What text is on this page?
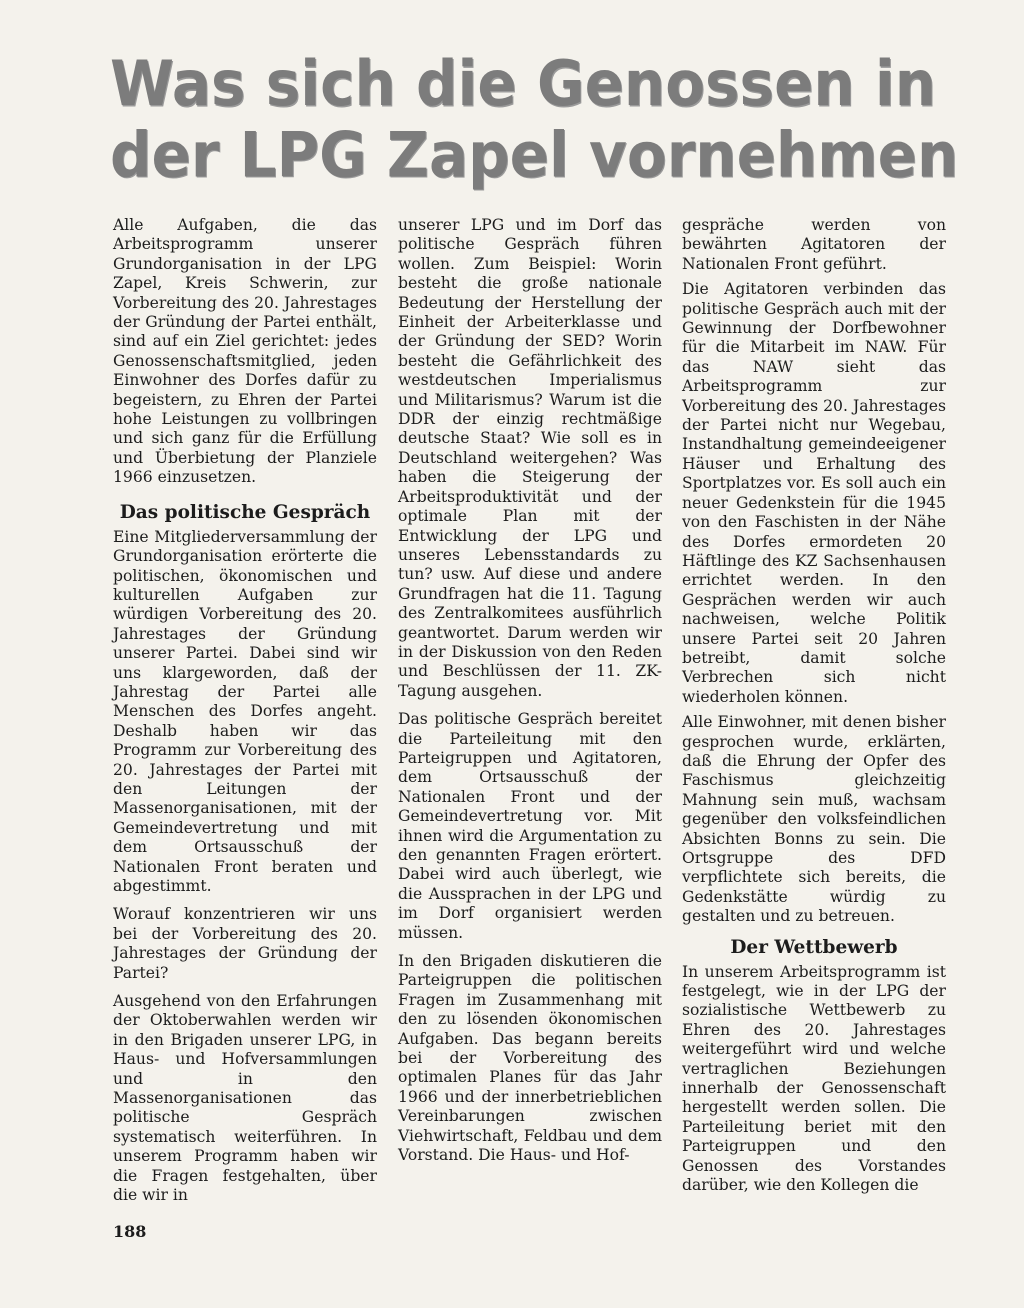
Was sich die Genossen in der LPG Zapel vornehmen

Alle Aufgaben, die das Arbeitsprogramm unserer Grundorganisation in der LPG Zapel, Kreis Schwerin, zur Vorbereitung des 20. Jahrestages der Gründung der Partei enthält, sind auf ein Ziel gerichtet: jedes Genossenschaftsmitglied, jeden Einwohner des Dorfes dafür zu begeistern, zu Ehren der Partei hohe Leistungen zu vollbringen und sich ganz für die Erfüllung und Überbietung der Planziele 1966 einzusetzen.

Das politische Gespräch

Eine Mitgliederversammlung der Grundorganisation erörterte die politischen, ökonomischen und kulturellen Aufgaben zur würdigen Vorbereitung des 20. Jahrestages der Gründung unserer Partei. Dabei sind wir uns klargeworden, daß der Jahrestag der Partei alle Menschen des Dorfes angeht. Deshalb haben wir das Programm zur Vorbereitung des 20. Jahrestages der Partei mit den Leitungen der Massenorganisationen, mit der Gemeindevertretung und mit dem Ortsausschuß der Nationalen Front beraten und abgestimmt.

Worauf konzentrieren wir uns bei der Vorbereitung des 20. Jahrestages der Gründung der Partei?

Ausgehend von den Erfahrungen der Oktoberwahlen werden wir in den Brigaden unserer LPG, in Haus- und Hofversammlungen und in den Massenorganisationen das politische Gespräch systematisch weiterführen. In unserem Programm haben wir die Fragen festgehalten, über die wir in

unserer LPG und im Dorf das politische Gespräch führen wollen. Zum Beispiel: Worin besteht die große nationale Bedeutung der Herstellung der Einheit der Arbeiterklasse und der Gründung der SED? Worin besteht die Gefährlichkeit des westdeutschen Imperialismus und Militarismus? Warum ist die DDR der einzig rechtmäßige deutsche Staat? Wie soll es in Deutschland weitergehen? Was haben die Steigerung der Arbeitsproduktivität und der optimale Plan mit der Entwicklung der LPG und unseres Lebensstandards zu tun? usw. Auf diese und andere Grundfragen hat die 11. Tagung des Zentralkomitees ausführlich geantwortet. Darum werden wir in der Diskussion von den Reden und Beschlüssen der 11. ZK-Tagung ausgehen.

Das politische Gespräch bereitet die Parteileitung mit den Parteigruppen und Agitatoren, dem Ortsausschuß der Nationalen Front und der Gemeindevertretung vor. Mit ihnen wird die Argumentation zu den genannten Fragen erörtert. Dabei wird auch überlegt, wie die Aussprachen in der LPG und im Dorf organisiert werden müssen.

In den Brigaden diskutieren die Parteigruppen die politischen Fragen im Zusammenhang mit den zu lösenden ökonomischen Aufgaben. Das begann bereits bei der Vorbereitung des optimalen Planes für das Jahr 1966 und der innerbetrieblichen Vereinbarungen zwischen Viehwirtschaft, Feldbau und dem Vorstand. Die Haus- und Hof-

gespräche werden von bewährten Agitatoren der Nationalen Front geführt.

Die Agitatoren verbinden das politische Gespräch auch mit der Gewinnung der Dorfbewohner für die Mitarbeit im NAW. Für das NAW sieht das Arbeitsprogramm zur Vorbereitung des 20. Jahrestages der Partei nicht nur Wegebau, Instandhaltung gemeindeeigener Häuser und Erhaltung des Sportplatzes vor. Es soll auch ein neuer Gedenkstein für die 1945 von den Faschisten in der Nähe des Dorfes ermordeten 20 Häftlinge des KZ Sachsenhausen errichtet werden. In den Gesprächen werden wir auch nachweisen, welche Politik unsere Partei seit 20 Jahren betreibt, damit solche Verbrechen sich nicht wiederholen können.

Alle Einwohner, mit denen bisher gesprochen wurde, erklärten, daß die Ehrung der Opfer des Faschismus gleichzeitig Mahnung sein muß, wachsam gegenüber den volksfeindlichen Absichten Bonns zu sein. Die Ortsgruppe des DFD verpflichtete sich bereits, die Gedenkstätte würdig zu gestalten und zu betreuen.

Der Wettbewerb

In unserem Arbeitsprogramm ist festgelegt, wie in der LPG der sozialistische Wettbewerb zu Ehren des 20. Jahrestages weitergeführt wird und welche vertraglichen Beziehungen innerhalb der Genossenschaft hergestellt werden sollen. Die Parteileitung beriet mit den Parteigruppen und den Genossen des Vorstandes darüber, wie den Kollegen die

188
